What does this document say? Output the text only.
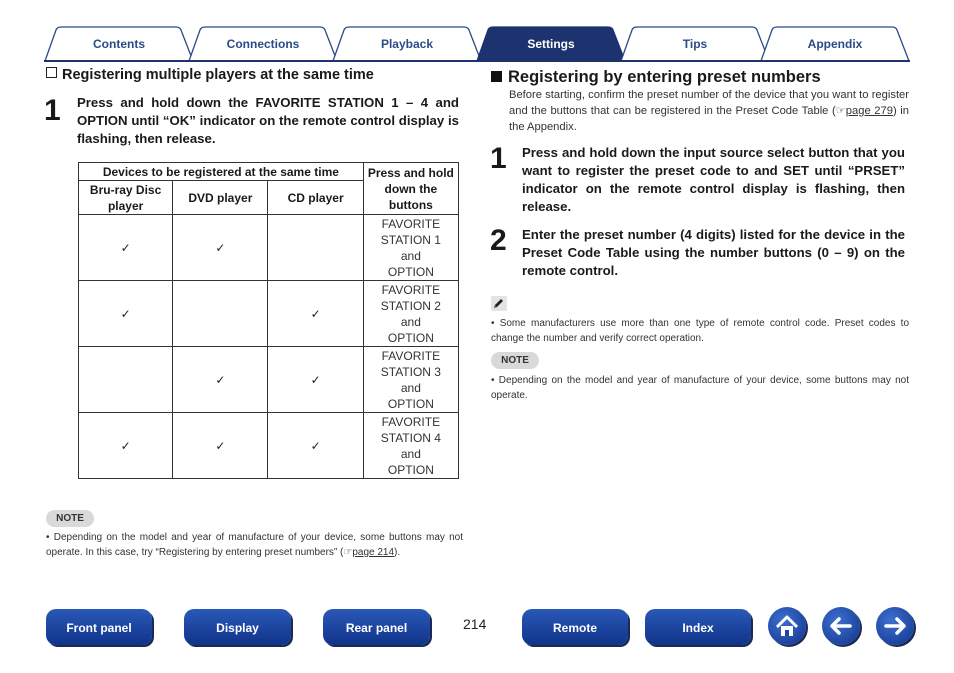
Contents	Connections	Playback	Settings	Tips	Appendix
Registering multiple players at the same time
1 Press and hold down the FAVORITE STATION 1 – 4 and OPTION until “OK” indicator on the remote control display is flashing, then release.
Devices to be registered at the same time			Press and hold down the buttons
Bru-ray Disc player	DVD player	CD player	
✓	✓		FAVORITE
STATION 1
and
OPTION

✓		✓	FAVORITE
STATION 2
and
OPTION

	✓	✓	FAVORITE
STATION 3
and
OPTION

✓	✓	✓	FAVORITE
STATION 4
and
OPTION
NOTE
• Depending on the model and year of manufacture of your device, some buttons may not operate. In this case, try “Registering by entering preset numbers” (☞page 214).
Registering by entering preset numbers
Before starting, confirm the preset number of the device that you want to register and the buttons that can be registered in the Preset Code Table (☞page 279) in the Appendix.
1 Press and hold down the input source select button that you want to register the preset code to and SET until “PRSET” indicator on the remote control display is flashing, then release.
2 Enter the preset number (4 digits) listed for the device in the Preset Code Table using the number buttons (0 – 9) on the remote control.
• Some manufacturers use more than one type of remote control code. Preset codes to change the number and verify correct operation.
NOTE
• Depending on the model and year of manufacture of your device, some buttons may not operate.
Front panel	Display	Rear panel	214	Remote	Index
